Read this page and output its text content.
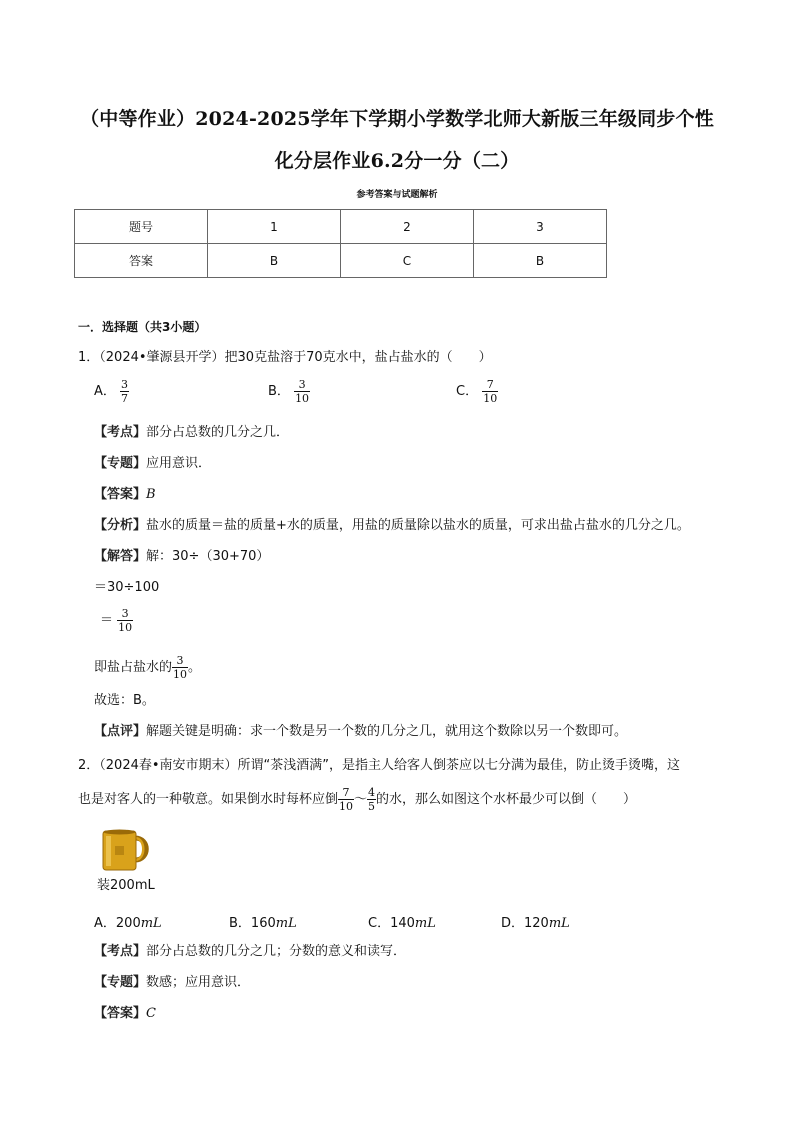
（中等作业）2024-2025学年下学期小学数学北师大新版三年级同步个性
化分层作业6.2分一分（二）
参考答案与试题解析
题号	1	2	3
答案	B	C	B
一．选择题（共3小题）
1．（2024•肇源县开学）把30克盐溶于70克水中，盐占盐水的（　　）
A． $\frac{3}{7}$	B． $\frac{3}{10}$	C． $\frac{7}{10}$
【考点】部分占总数的几分之几．
【专题】应用意识．
【答案】B
【分析】盐水的质量＝盐的质量+水的质量，用盐的质量除以盐水的质量，可求出盐占盐水的几分之几。
【解答】解：30÷（30+70）
＝30÷100
＝ $\frac{3}{10}$
即盐占盐水的 $\frac{3}{10}$ 。
故选：B。
【点评】解题关键是明确：求一个数是另一个数的几分之几，就用这个数除以另一个数即可。
2．（2024春•南安市期末）所谓“茶浅酒满”，是指主人给客人倒茶应以七分满为最佳，防止烫手烫嘴，这
也是对客人的一种敬意。如果倒水时每杯应倒 $\frac{7}{10}$ ～ $\frac{4}{5}$ 的水，那么如图这个水杯最少可以倒（　　）
装200mL
A．200mL	B．160mL	C．140mL	D．120mL
【考点】部分占总数的几分之几；分数的意义和读写．
【专题】数感；应用意识．
【答案】C
